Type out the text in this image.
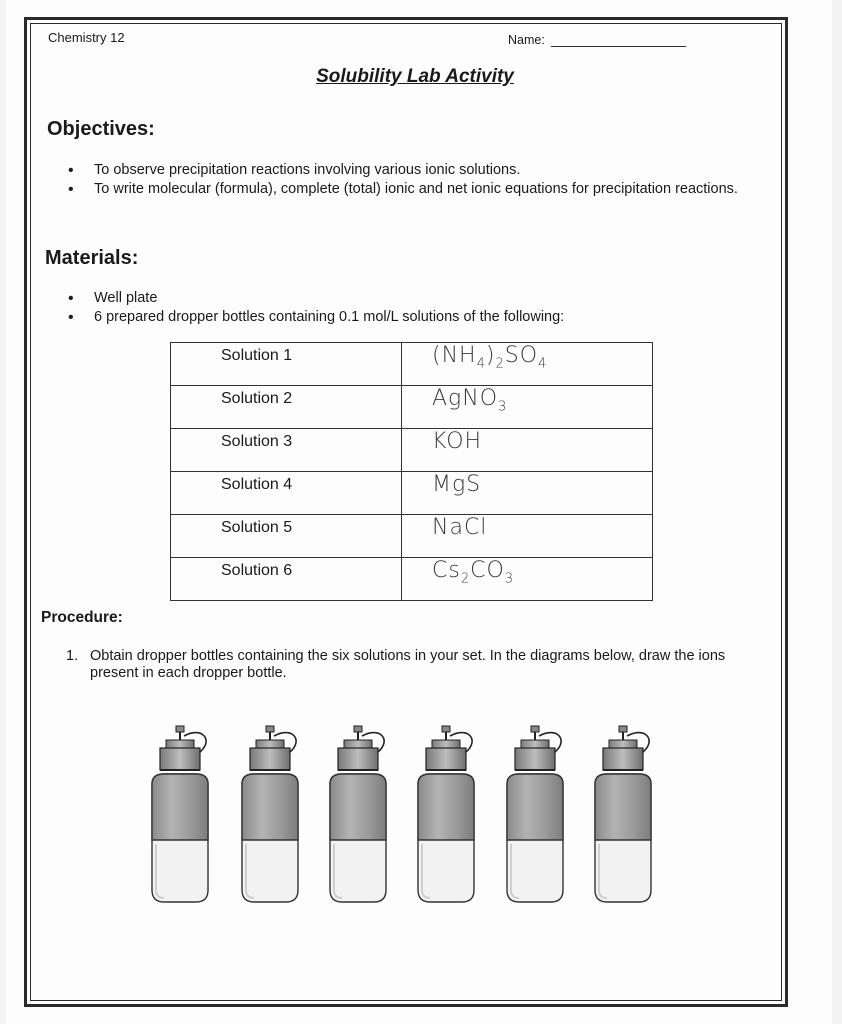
Chemistry 12	Name:
Solubility Lab Activity
Objectives:
• To observe precipitation reactions involving various ionic solutions.
• To write molecular (formula), complete (total) ionic and net ionic equations for precipitation reactions.
Materials:
• Well plate
• 6 prepared dropper bottles containing 0.1 mol/L solutions of the following:
Solution 1	$(NH_4)_2SO_4$
Solution 2	AgNO$_3$
Solution 3	KOH
Solution 4	MgS
Solution 5	NaCl
Solution 6	$Cs_2CO_3$
Procedure:
1. Obtain dropper bottles containing the six solutions in your set. In the diagrams below, draw the ions present in each dropper bottle.
